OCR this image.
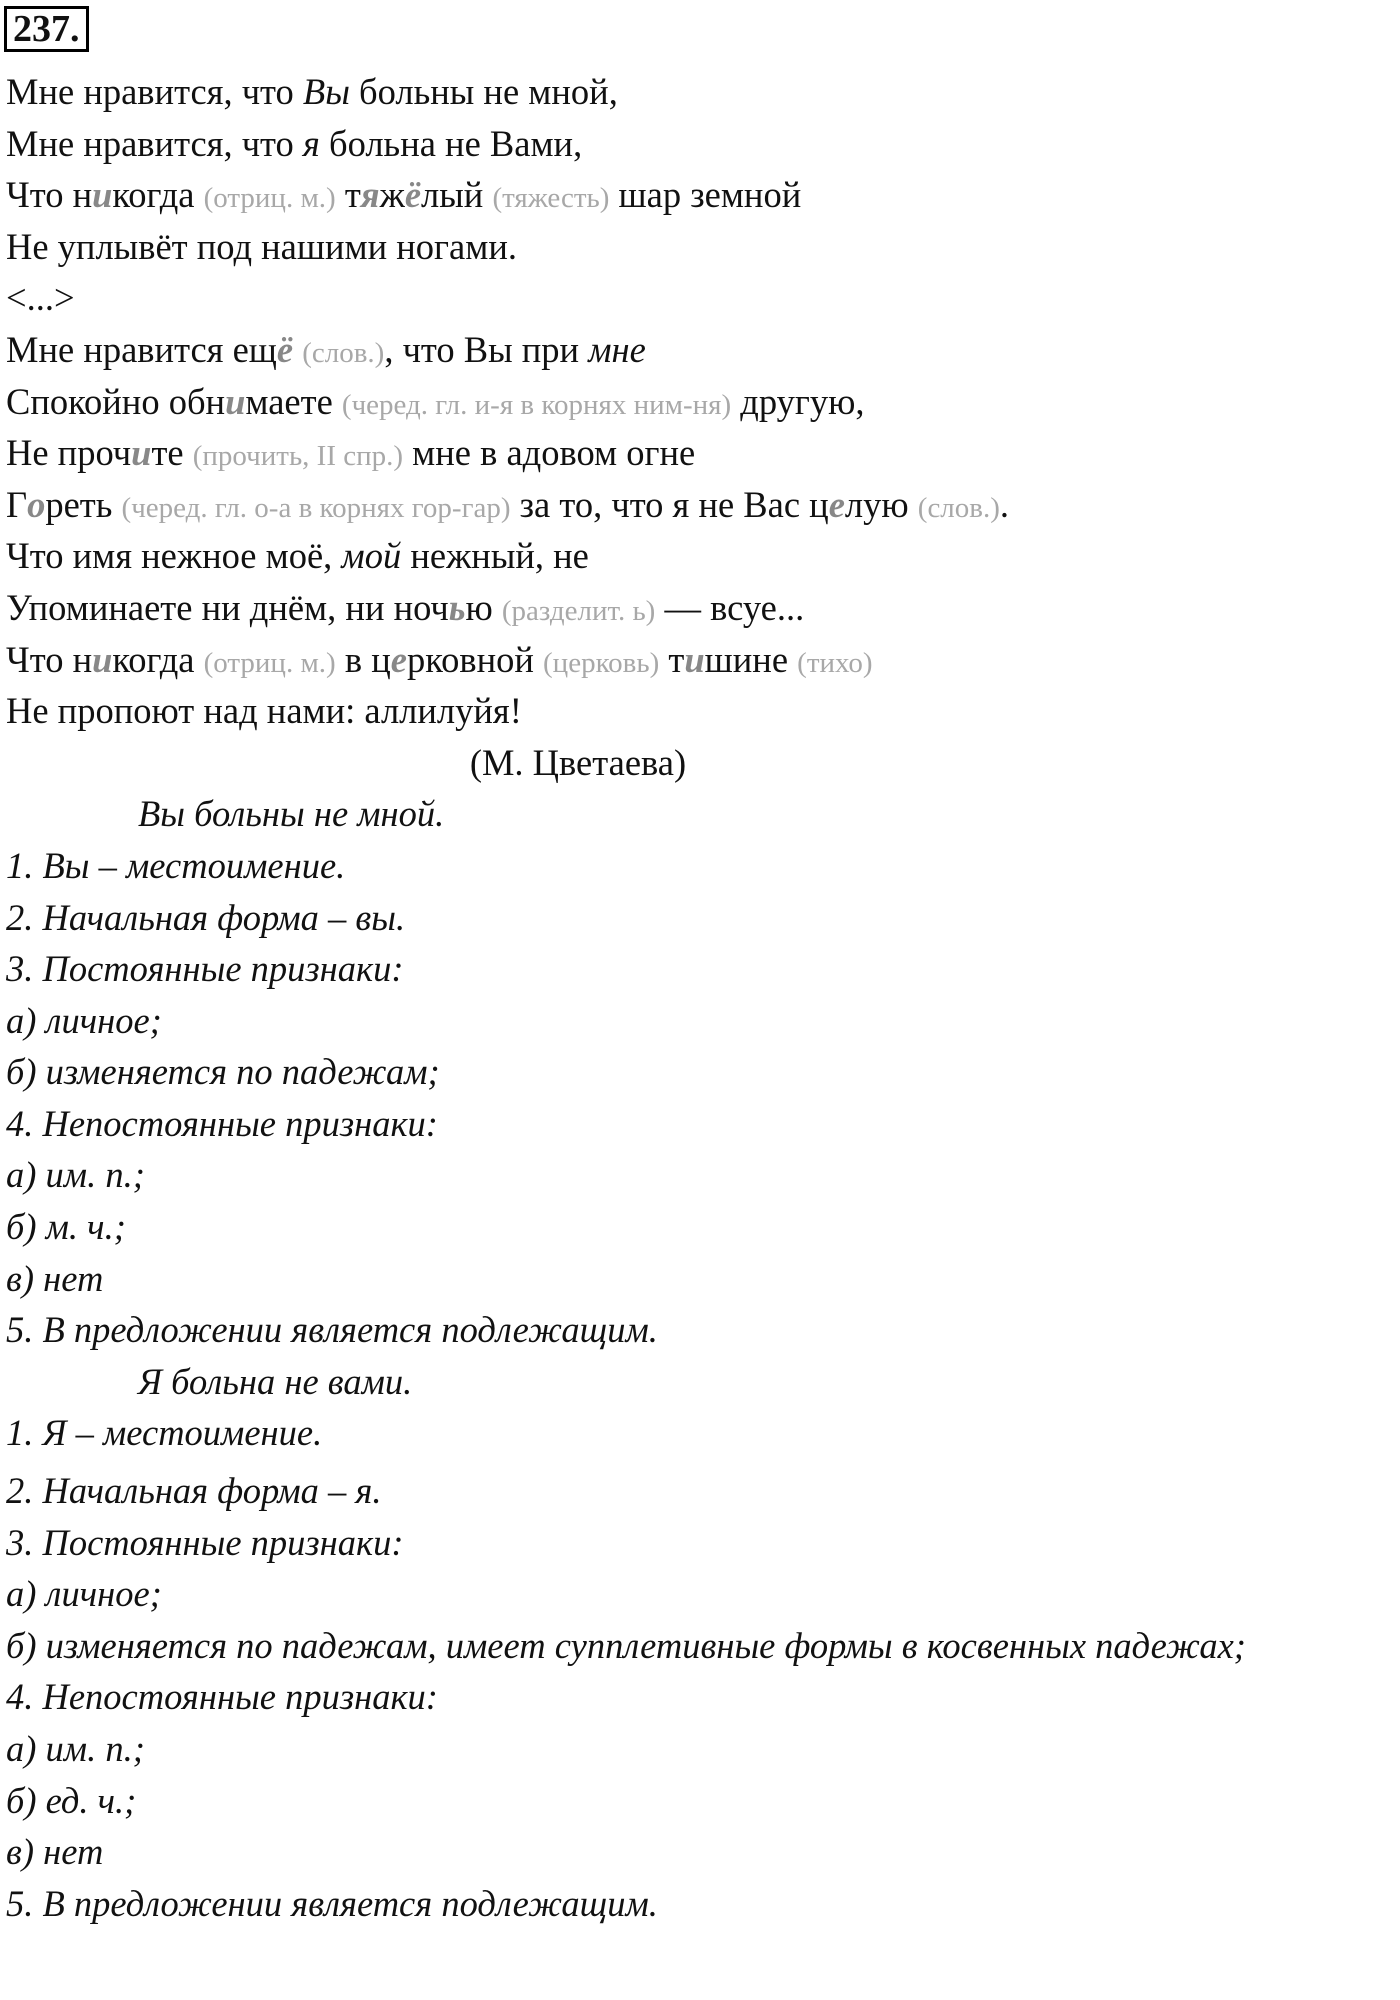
237.
Мне нравится, что Вы больны не мной,
Мне нравится, что я больна не Вами,
Что никогда (отриц. м.) тяжёлый (тяжесть) шар земной
Не уплывёт под нашими ногами.
<...>
Мне нравится ещё (слов.), что Вы при мне
Спокойно обнимаете (черед. гл. и-я в корнях ним-ня) другую,
Не прочите (прочить, II спр.) мне в адовом огне
Гореть (черед. гл. о-а в корнях гор-гар) за то, что я не Вас целую (слов.).
Что имя нежное моё, мой нежный, не
Упоминаете ни днём, ни ночью (разделит. ь) — всуе...
Что никогда (отриц. м.) в церковной (церковь) тишине (тихо)
Не пропоют над нами: аллилуйя!
(М. Цветаева)
Вы больны не мной.
1. Вы – местоимение.
2. Начальная форма – вы.
3. Постоянные признаки:
а) личное;
б) изменяется по падежам;
4. Непостоянные признаки:
а) им. п.;
б) м. ч.;
в) нет
5. В предложении является подлежащим.
Я больна не вами.
1. Я – местоимение.
2. Начальная форма – я.
3. Постоянные признаки:
а) личное;
б) изменяется по падежам, имеет супплетивные формы в косвенных падежах;
4. Непостоянные признаки:
а) им. п.;
б) ед. ч.;
в) нет
5. В предложении является подлежащим.
